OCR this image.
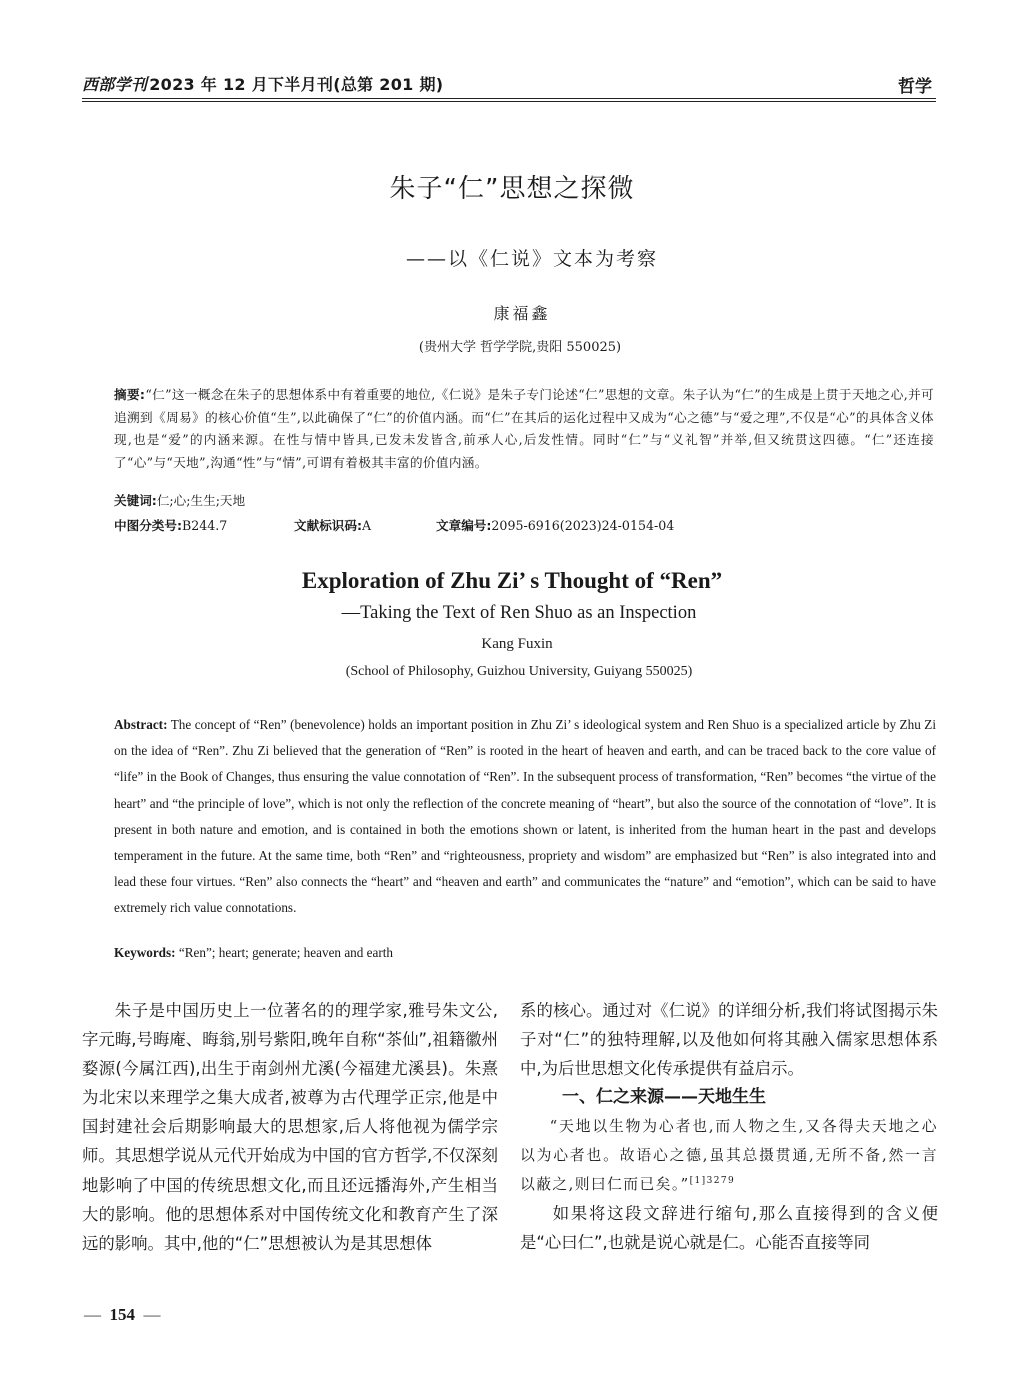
西部学刊 2023 年 12 月下半月刊(总第 201 期)	哲学
朱子“仁”思想之探微
——以《仁说》文本为考察
康福鑫
(贵州大学 哲学学院,贵阳 550025)
摘要:“仁”这一概念在朱子的思想体系中有着重要的地位,《仁说》是朱子专门论述“仁”思想的文章。朱子认为“仁”的生成是上贯于天地之心,并可追溯到《周易》的核心价值“生”,以此确保了“仁”的价值内涵。而“仁”在其后的运化过程中又成为“心之德”与“爱之理”,不仅是“心”的具体含义体现,也是“爱”的内涵来源。在性与情中皆具,已发未发皆含,前承人心,后发性情。同时“仁”与“义礼智”并举,但又统贯这四德。“仁”还连接了“心”与“天地”,沟通“性”与“情”,可谓有着极其丰富的价值内涵。
关键词:仁;心;生生;天地
中图分类号:B244.7	文献标识码:A	文章编号:2095-6916(2023)24-0154-04
Exploration of Zhu Zi’ s Thought of “Ren”
—Taking the Text of Ren Shuo as an Inspection
Kang Fuxin
(School of Philosophy, Guizhou University, Guiyang 550025)
Abstract: The concept of “Ren” (benevolence) holds an important position in Zhu Zi’ s ideological system and Ren Shuo is a specialized article by Zhu Zi on the idea of “Ren”. Zhu Zi believed that the generation of “Ren” is rooted in the heart of heaven and earth, and can be traced back to the core value of “life” in the Book of Changes, thus ensuring the value connotation of “Ren”. In the subsequent process of transformation, “Ren” becomes “the virtue of the heart” and “the principle of love”, which is not only the reflection of the concrete meaning of “heart”, but also the source of the connotation of “love”. It is present in both nature and emotion, and is contained in both the emotions shown or latent, is inherited from the human heart in the past and develops temperament in the future. At the same time, both “Ren” and “righteousness, propriety and wisdom” are emphasized but “Ren” is also integrated into and lead these four virtues. “Ren” also connects the “heart” and “heaven and earth” and communicates the “nature” and “emotion”, which can be said to have extremely rich value connotations.
Keywords: “Ren”; heart; generate; heaven and earth

朱子是中国历史上一位著名的的理学家,雅号朱文公,字元晦,号晦庵、晦翁,别号紫阳,晚年自称“茶仙”,祖籍徽州婺源(今属江西),出生于南剑州尤溪(今福建尤溪县)。朱熹为北宋以来理学之集大成者,被尊为古代理学正宗,他是中国封建社会后期影响最大的思想家,后人将他视为儒学宗师。其思想学说从元代开始成为中国的官方哲学,不仅深刻地影响了中国的传统思想文化,而且还远播海外,产生相当大的影响。他的思想体系对中国传统文化和教育产生了深远的影响。其中,他的“仁”思想被认为是其思想体

系的核心。通过对《仁说》的详细分析,我们将试图揭示朱子对“仁”的独特理解,以及他如何将其融入儒家思想体系中,为后世思想文化传承提供有益启示。

一、仁之来源——天地生生

“天地以生物为心者也,而人物之生,又各得夫天地之心以为心者也。故语心之德,虽其总摄贯通,无所不备,然一言以蔽之,则曰仁而已矣。”$^{[1]3279}$

如果将这段文辞进行缩句,那么直接得到的含义便是“心曰仁”,也就是说心就是仁。心能否直接等同

— 154 —
